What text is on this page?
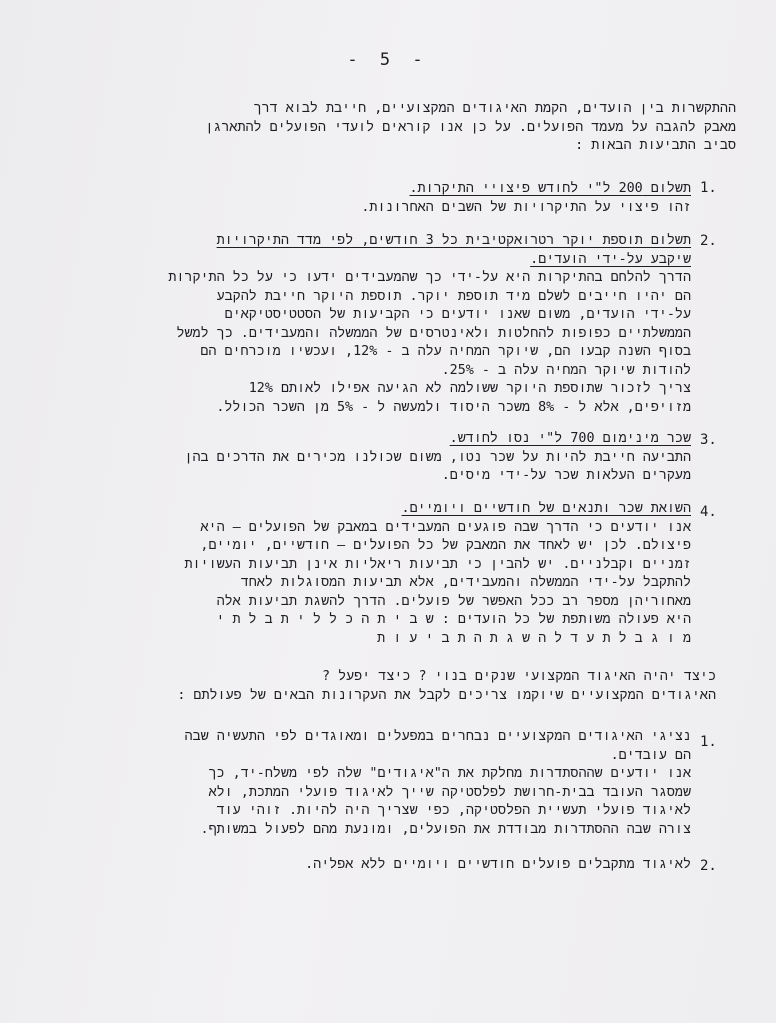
- 5 -
ההתקשרות בין הועדים, הקמת האיגודים המקצועיים, חייבת לבוא דרך
מאבק להגבה על מעמד הפועלים. על כן אנו קוראים לועדי הפועלים להתארגן
סביב התביעות הבאות :
1.
תשלום 200 ל"י לחודש פיצויי התיקרות.
זהו פיצוי על התיקרויות של השבים האחרונות.
2.
תשלום תוספת יוקר רטרואקטיבית כל 3 חודשים, לפי מדד התיקרויות
שיקבע על-ידי הועדים.
הדרך להלחם בהתיקרות היא על-ידי כך שהמעבידים ידעו כי על כל התיקרות
הם יהיו חייבים לשלם מיד תוספת יוקר. תוספת היוקר חייבת להקבע
על-ידי הועדים, משום שאנו יודעים כי הקביעות של הסטטיסטיקאים
הממשלתיים כפופות להחלטות ולאינטרסים של הממשלה והמעבידים. כך למשל
בסוף השנה קבעו הם, שיוקר המחיה עלה ב - 12%, ועכשיו מוכרחים הם
להודות שיוקר המחיה עלה ב - 25%.
צריך לזכור שתוספת היוקר ששולמה לא הגיעה אפילו לאותם 12%
מזויפים, אלא ל - 8% משכר היסוד ולמעשה ל - 5% מן השכר הכולל.
3.
שכר מינימום 700 ל"י נסו לחודש.
התביעה חייבת להיות על שכר נטו, משום שכולנו מכירים את הדרכים בהן
מעקרים העלאות שכר על-ידי מיסים.
4.
השואת שכר ותנאים של חודשיים ויומיים.
אנו יודעים כי הדרך שבה פוגעים המעבידים במאבק של הפועלים – היא
פיצולם. לכן יש לאחד את המאבק של כל הפועלים – חודשיים, יומיים,
זמניים וקבלניים. יש להבין כי תביעות ריאליות אינן תביעות העשויות
להתקבל על-ידי הממשלה והמעבידים, אלא תביעות המסוגלות לאחד
מאחוריהן מספר רב ככל האפשר של פועלים. הדרך להשגת תביעות אלה
היא פעולה משותפת של כל הועדים : ש ב י ת ה כ ל ל י ת ב ל ת י
מ ו ג ב ל ת ע ד ל ה ש ג ת ה ת ב י ע ו ת
כיצד יהיה האיגוד המקצועי שנקים בנוי ? כיצד יפעל ?
האיגודים המקצועיים שיוקמו צריכים לקבל את העקרונות הבאים של פעולתם :
1.
נציגי האיגודים המקצועיים נבחרים במפעלים ומאוגדים לפי התעשיה שבה
הם עובדים.
אנו יודעים שההסתדרות מחלקת את ה"איגודים" שלה לפי משלח-יד, כך
שמסגר העובד בבית-חרושת לפלסטיקה שייך לאיגוד פועלי המתכת, ולא
לאיגוד פועלי תעשיית הפלסטיקה, כפי שצריך היה להיות. זוהי עוד
צורה שבה ההסתדרות מבודדת את הפועלים, ומונעת מהם לפעול במשותף.
2.
לאיגוד מתקבלים פועלים חודשיים ויומיים ללא אפליה.
